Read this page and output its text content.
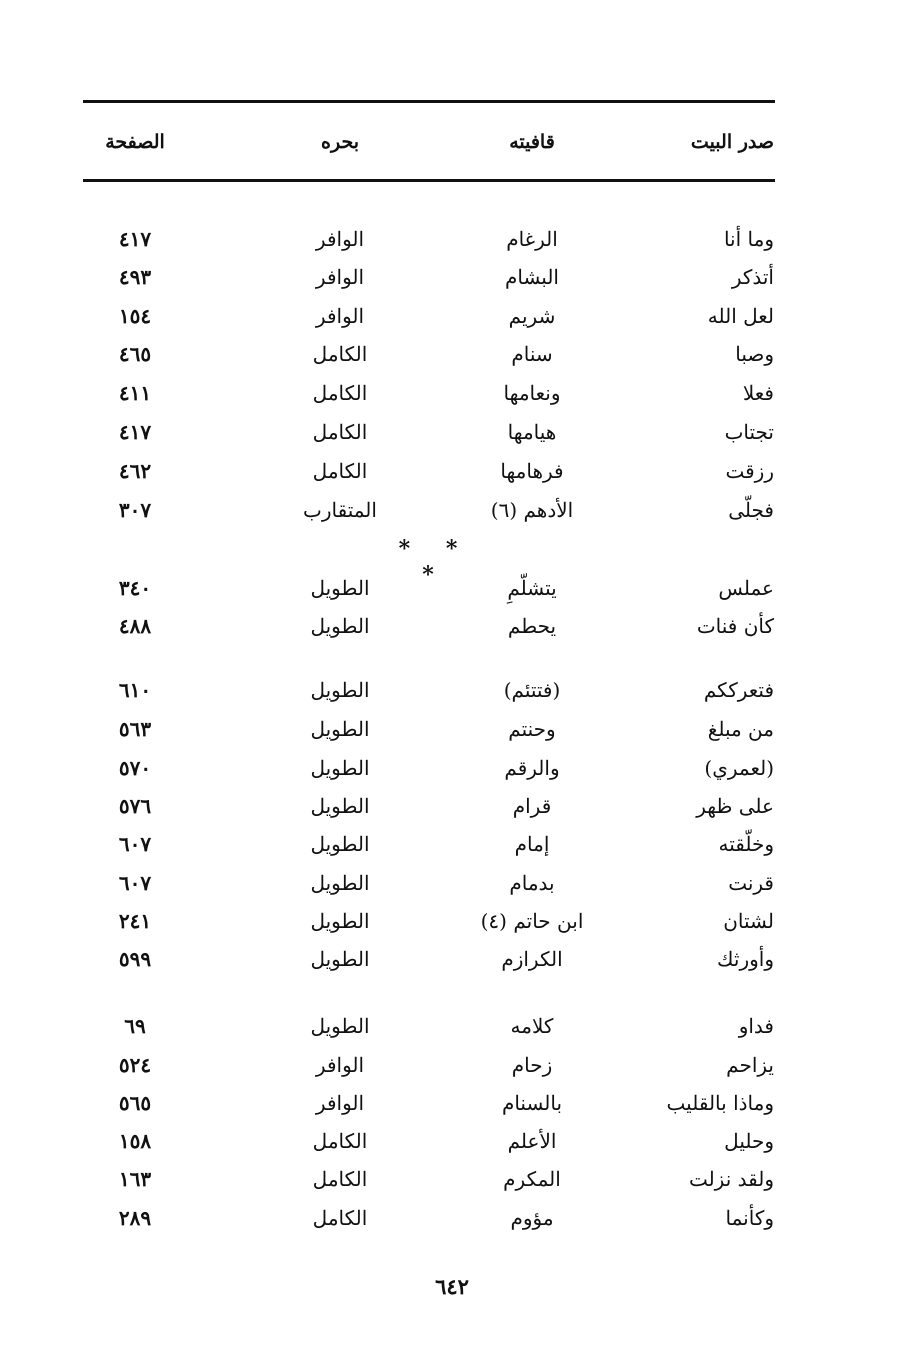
صدر البيت
قافيته
بحره
الصفحة
وما أنا
الرغام
الوافر
٤١٧
أتذكر
البشام
الوافر
٤٩٣
لعل الله
شريم
الوافر
١٥٤
وصبا
سنام
الكامل
٤٦٥
فعلا
ونعامها
الكامل
٤١١
تجتاب
هيامها
الكامل
٤١٧
رزقت
فرهامها
الكامل
٤٦٢
فجلّى
الأدهم (٦)
المتقارب
٣٠٧
* * *	عملس
يتشلّمِ
الطويل
٣٤٠
كأن فنات
يحطم
الطويل
٤٨٨
فتعرككم
(فتتئم)
الطويل
٦١٠
من مبلغ
وحنتم
الطويل
٥٦٣
(لعمري)
والرقم
الطويل
٥٧٠
على ظهر
قرام
الطويل
٥٧٦
وخلّقته
إمام
الطويل
٦٠٧
قرنت
بدمام
الطويل
٦٠٧
لشتان
ابن حاتم (٤)
الطويل
٢٤١
وأورثك
الكرازم
الطويل
٥٩٩
فداو
كلامه
الطويل
٦٩
يزاحم
زحام
الوافر
٥٢٤
وماذا بالقليب
بالسنام
الوافر
٥٦٥
وحليل
الأعلم
الكامل
١٥٨
ولقد نزلت
المكرم
الكامل
١٦٣
وكأنما
مؤوم
الكامل
٢٨٩
٦٤٢
